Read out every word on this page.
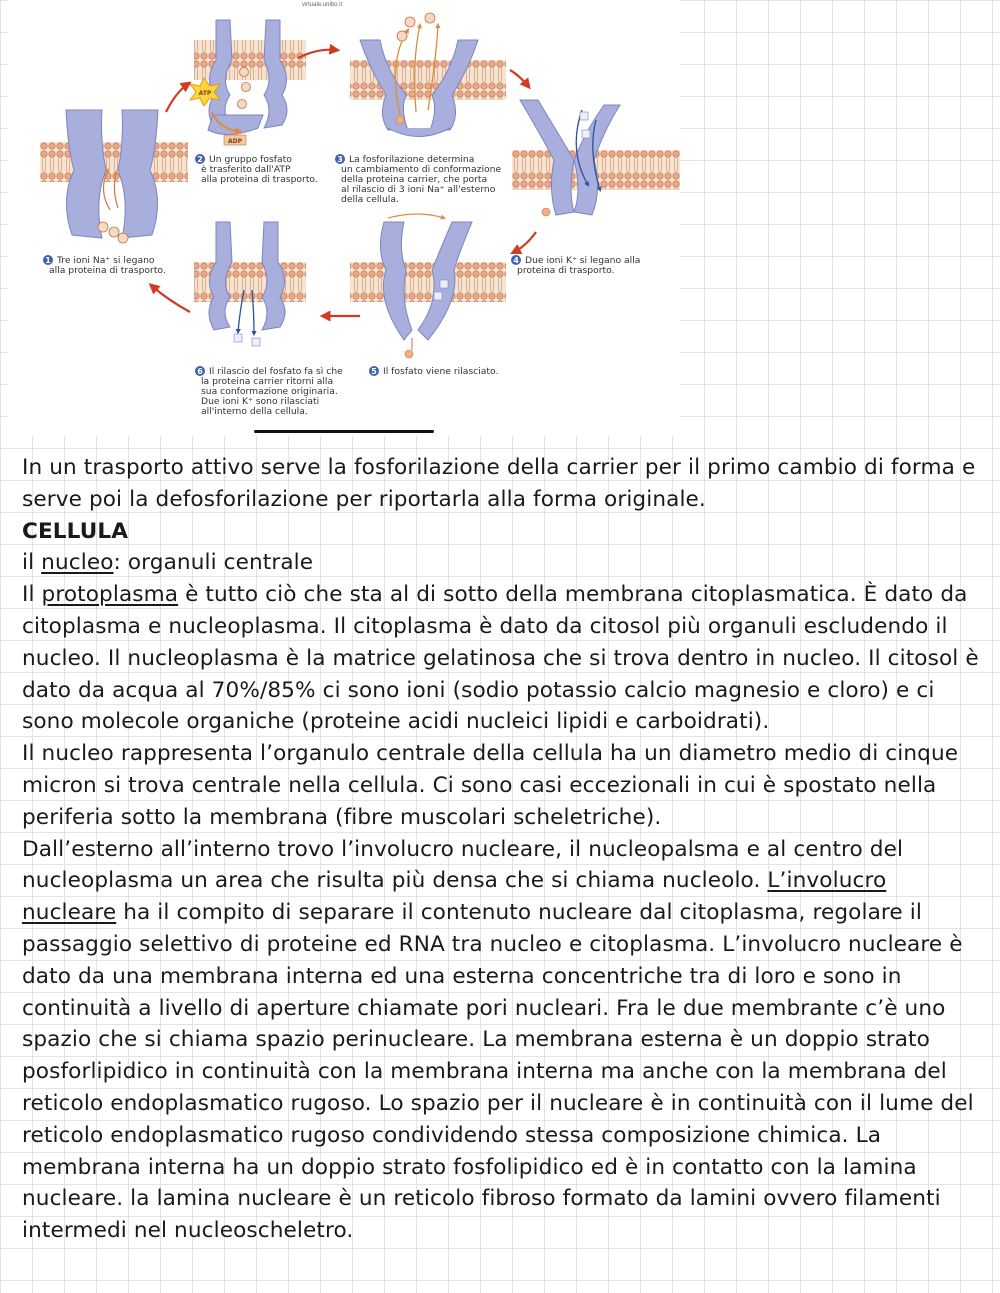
virtuale.unibo.it
ATP
ADP
1 Tre ioni Na⁺ si legano
alla proteina di trasporto.
2 Un gruppo fosfato
è trasferito dall'ATP
alla proteina di trasporto.
3 La fosforilazione determina
un cambiamento di conformazione
della proteina carrier, che porta
al rilascio di 3 ioni Na⁺ all'esterno
della cellula.
4 Due ioni K⁺ si legano alla
proteina di trasporto.
5 Il fosfato viene rilasciato.
6 Il rilascio del fosfato fa sì che
la proteina carrier ritorni alla
sua conformazione originaria.
Due ioni K⁺ sono rilasciati
all'interno della cellula.

In un trasporto attivo serve la fosforilazione della carrier per il primo cambio di forma e serve poi la defosforilazione per riportarla alla forma originale.

CELLULA

il nucleo: organuli centrale

Il protoplasma è tutto ciò che sta al di sotto della membrana citoplasmatica. È dato da citoplasma e nucleoplasma. Il citoplasma è dato da citosol più organuli escludendo il nucleo. Il nucleoplasma è la matrice gelatinosa che si trova dentro in nucleo. Il citosol è dato da acqua al 70%/85% ci sono ioni (sodio potassio calcio magnesio e cloro) e ci sono molecole organiche (proteine acidi nucleici lipidi e carboidrati).

Il nucleo rappresenta l’organulo centrale della cellula ha un diametro medio di cinque micron si trova centrale nella cellula. Ci sono casi eccezionali in cui è spostato nella periferia sotto la membrana (fibre muscolari scheletriche).

Dall’esterno all’interno trovo l’involucro nucleare, il nucleopalsma e al centro del nucleoplasma un area che risulta più densa che si chiama nucleolo. L’involucro nucleare ha il compito di separare il contenuto nucleare dal citoplasma, regolare il passaggio selettivo di proteine ed RNA tra nucleo e citoplasma. L’involucro nucleare è dato da una membrana interna ed una esterna concentriche tra di loro e sono in continuità a livello di aperture chiamate pori nucleari. Fra le due membrante c’è uno spazio che si chiama spazio perinucleare. La membrana esterna è un doppio strato posforlipidico in continuità con la membrana interna ma anche con la membrana del reticolo endoplasmatico rugoso. Lo spazio per il nucleare è in continuità con il lume del reticolo endoplasmatico rugoso condividendo stessa composizione chimica. La membrana interna ha un doppio strato fosfolipidico ed è in contatto con la lamina nucleare. la lamina nucleare è un reticolo fibroso formato da lamini ovvero filamenti intermedi nel nucleoscheletro.
